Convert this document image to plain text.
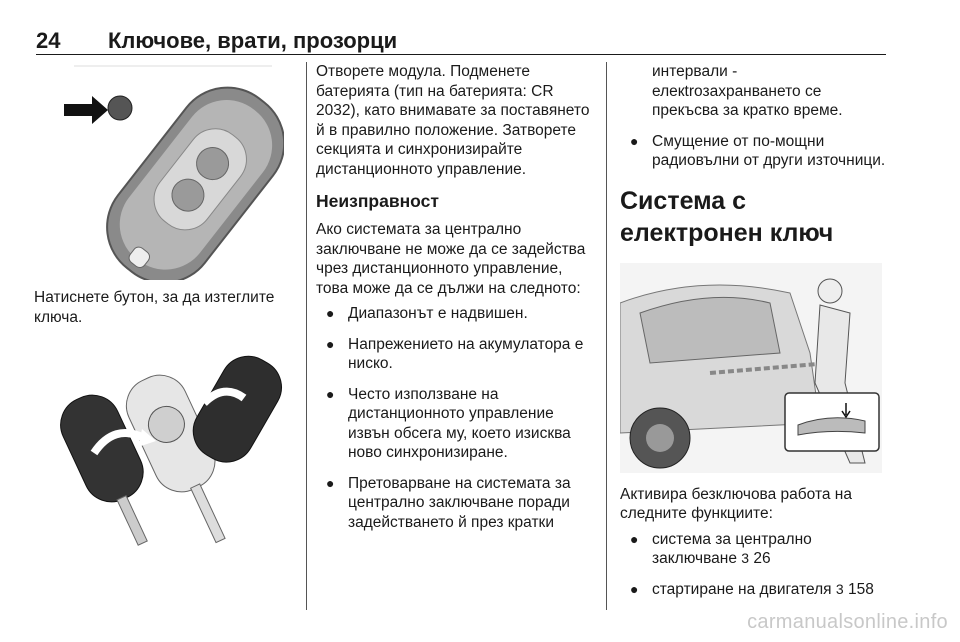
24	Ключове, врати, прозорци

Натиснете бутон, за да изтеглите ключа.

Отворете модула. Подменете батерията (тип на батерията: CR 2032), като внимавате за поставянето й в правилно положение. Затворете секцията и синхронизирайте дистанционното управление.

Неизправност

Ако системата за централно заключване не може да се задейства чрез дистанционното управление, това може да се дължи на следното:

● Диапазонът е надвишен.
● Напрежението на акумулатора е ниско.
● Често използване на дистанционното управление извън обсега му, което изисква ново синхронизиране.
● Претоварване на системата за централно заключване поради задействането й през кратки
интервали - елекtrозахранването се прекъсва за кратко време.
● Смущение от по-мощни радиовълни от други източници.
Система с електронен ключ

Активира безключова работа на следните функциите:

● система за централно заключване 3 26
● стартиране на двигателя 3 158
carmanualsonline.info
